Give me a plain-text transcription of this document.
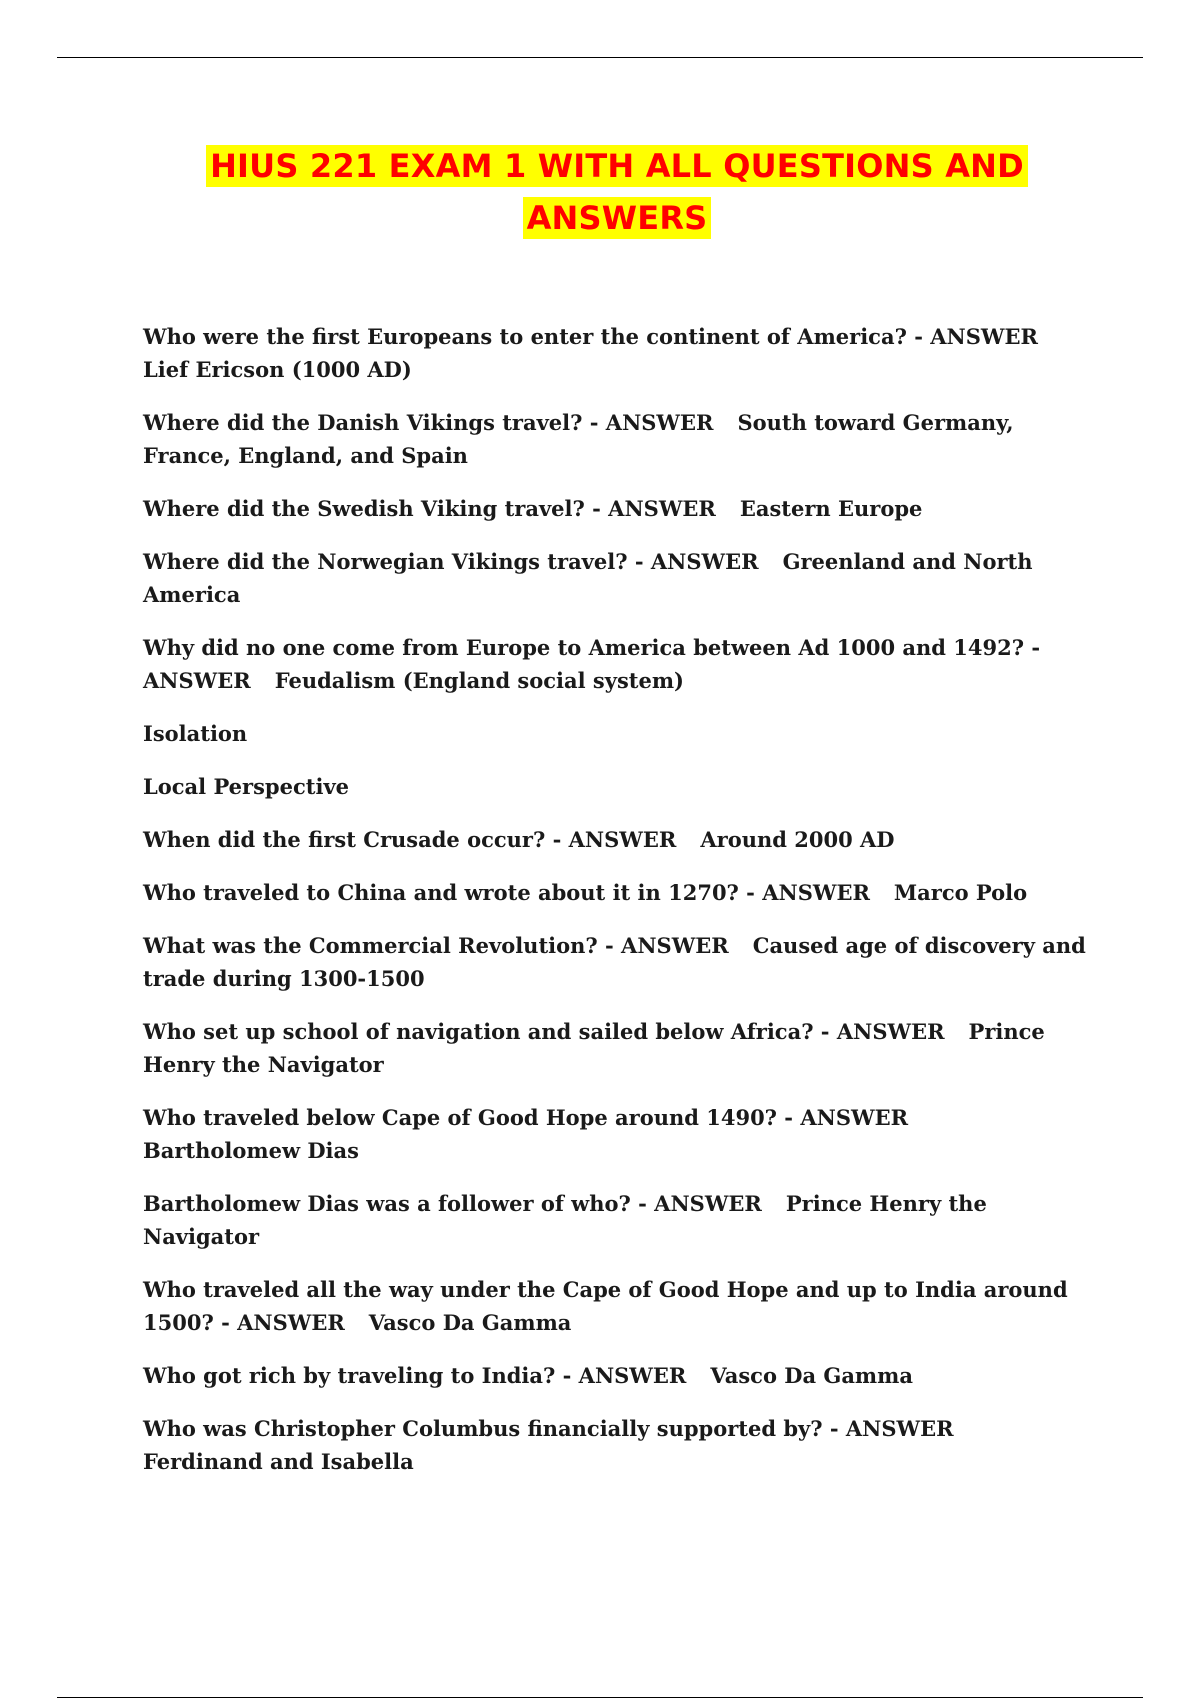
HIUS 221 EXAM 1 WITH ALL QUESTIONS AND
ANSWERS

Who were the first Europeans to enter the continent of America? - ANSWERLief Ericson (1000 AD)

Where did the Danish Vikings travel? - ANSWER South toward Germany, France, England, and Spain

Where did the Swedish Viking travel? - ANSWER Eastern Europe

Where did the Norwegian Vikings travel? - ANSWER Greenland and North America

Why did no one come from Europe to America between Ad 1000 and 1492? - ANSWER Feudalism (England social system)

Isolation

Local Perspective

When did the first Crusade occur? - ANSWER Around 2000 AD

Who traveled to China and wrote about it in 1270? - ANSWER Marco Polo

What was the Commercial Revolution? - ANSWER Caused age of discovery and trade during 1300-1500

Who set up school of navigation and sailed below Africa? - ANSWER Prince Henry the Navigator

Who traveled below Cape of Good Hope around 1490? - ANSWERBartholomew Dias

Bartholomew Dias was a follower of who? - ANSWER Prince Henry the Navigator

Who traveled all the way under the Cape of Good Hope and up to India around 1500? - ANSWER Vasco Da Gamma

Who got rich by traveling to India? - ANSWER Vasco Da Gamma

Who was Christopher Columbus financially supported by? - ANSWERFerdinand and Isabella
